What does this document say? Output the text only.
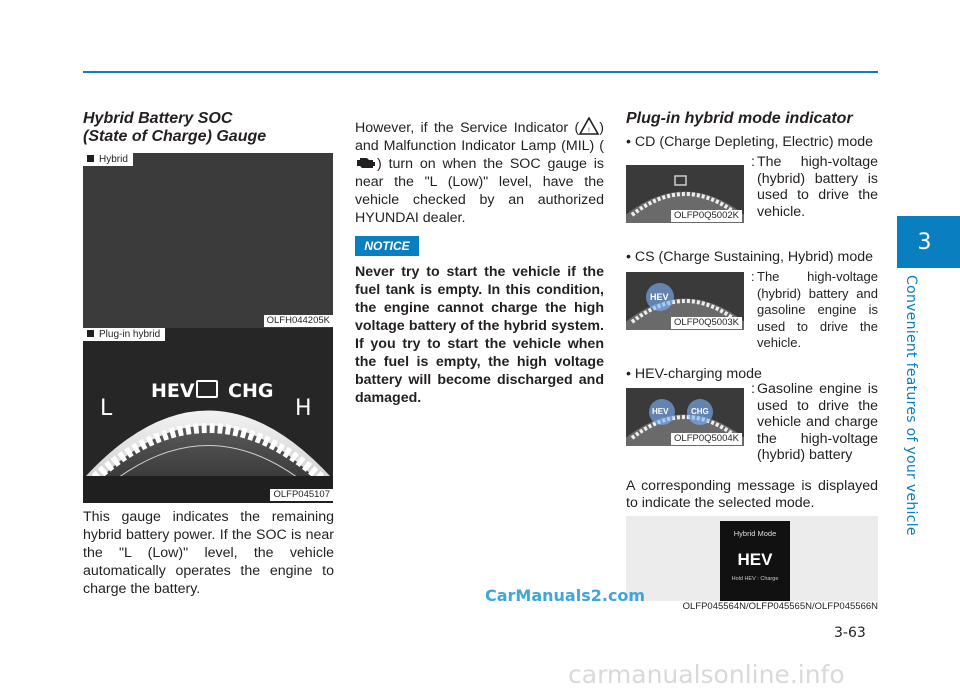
3
Convenient features of your vehicle
Hybrid Battery SOC
(State of Charge) Gauge
Hybrid
OLFH044205K
Plug-in hybrid
HEV CHG
L	H
OLFP045107
This gauge indicates the remaining hybrid battery power. If the SOC is near the "L (Low)" level, the vehicle automatically operates the engine to charge the battery.
However, if the Service Indicator ( ! ) and Malfunction Indicator Lamp (MIL) () turn on when the SOC gauge is near the "L (Low)" level, have the vehicle checked by an authorized HYUNDAI dealer.
NOTICE
Never try to start the vehicle if the fuel tank is empty. In this condition, the engine cannot charge the high voltage battery of the hybrid system. If you try to start the vehicle when the fuel is empty, the high voltage battery will become discharged and damaged.
Plug-in hybrid mode indicator
• CD (Charge Depleting, Electric) mode
OLFP0Q5002K
: The high-voltage (hybrid) battery is used to drive the vehicle.
• CS (Charge Sustaining, Hybrid) mode
HEV
OLFP0Q5003K
: The high-voltage (hybrid) battery and gasoline engine is used to drive the vehicle.
• HEV-charging mode
HEV	CHG
OLFP0Q5004K
: Gasoline engine is used to drive the vehicle and charge the high-voltage (hybrid) battery
A corresponding message is displayed to indicate the selected mode.
Hybrid Mode
HEV
Hold HEV : Charge
OLFP045564N/OLFP045565N/OLFP045566N
CarManuals2.com
3-63
carmanualsonline.info
